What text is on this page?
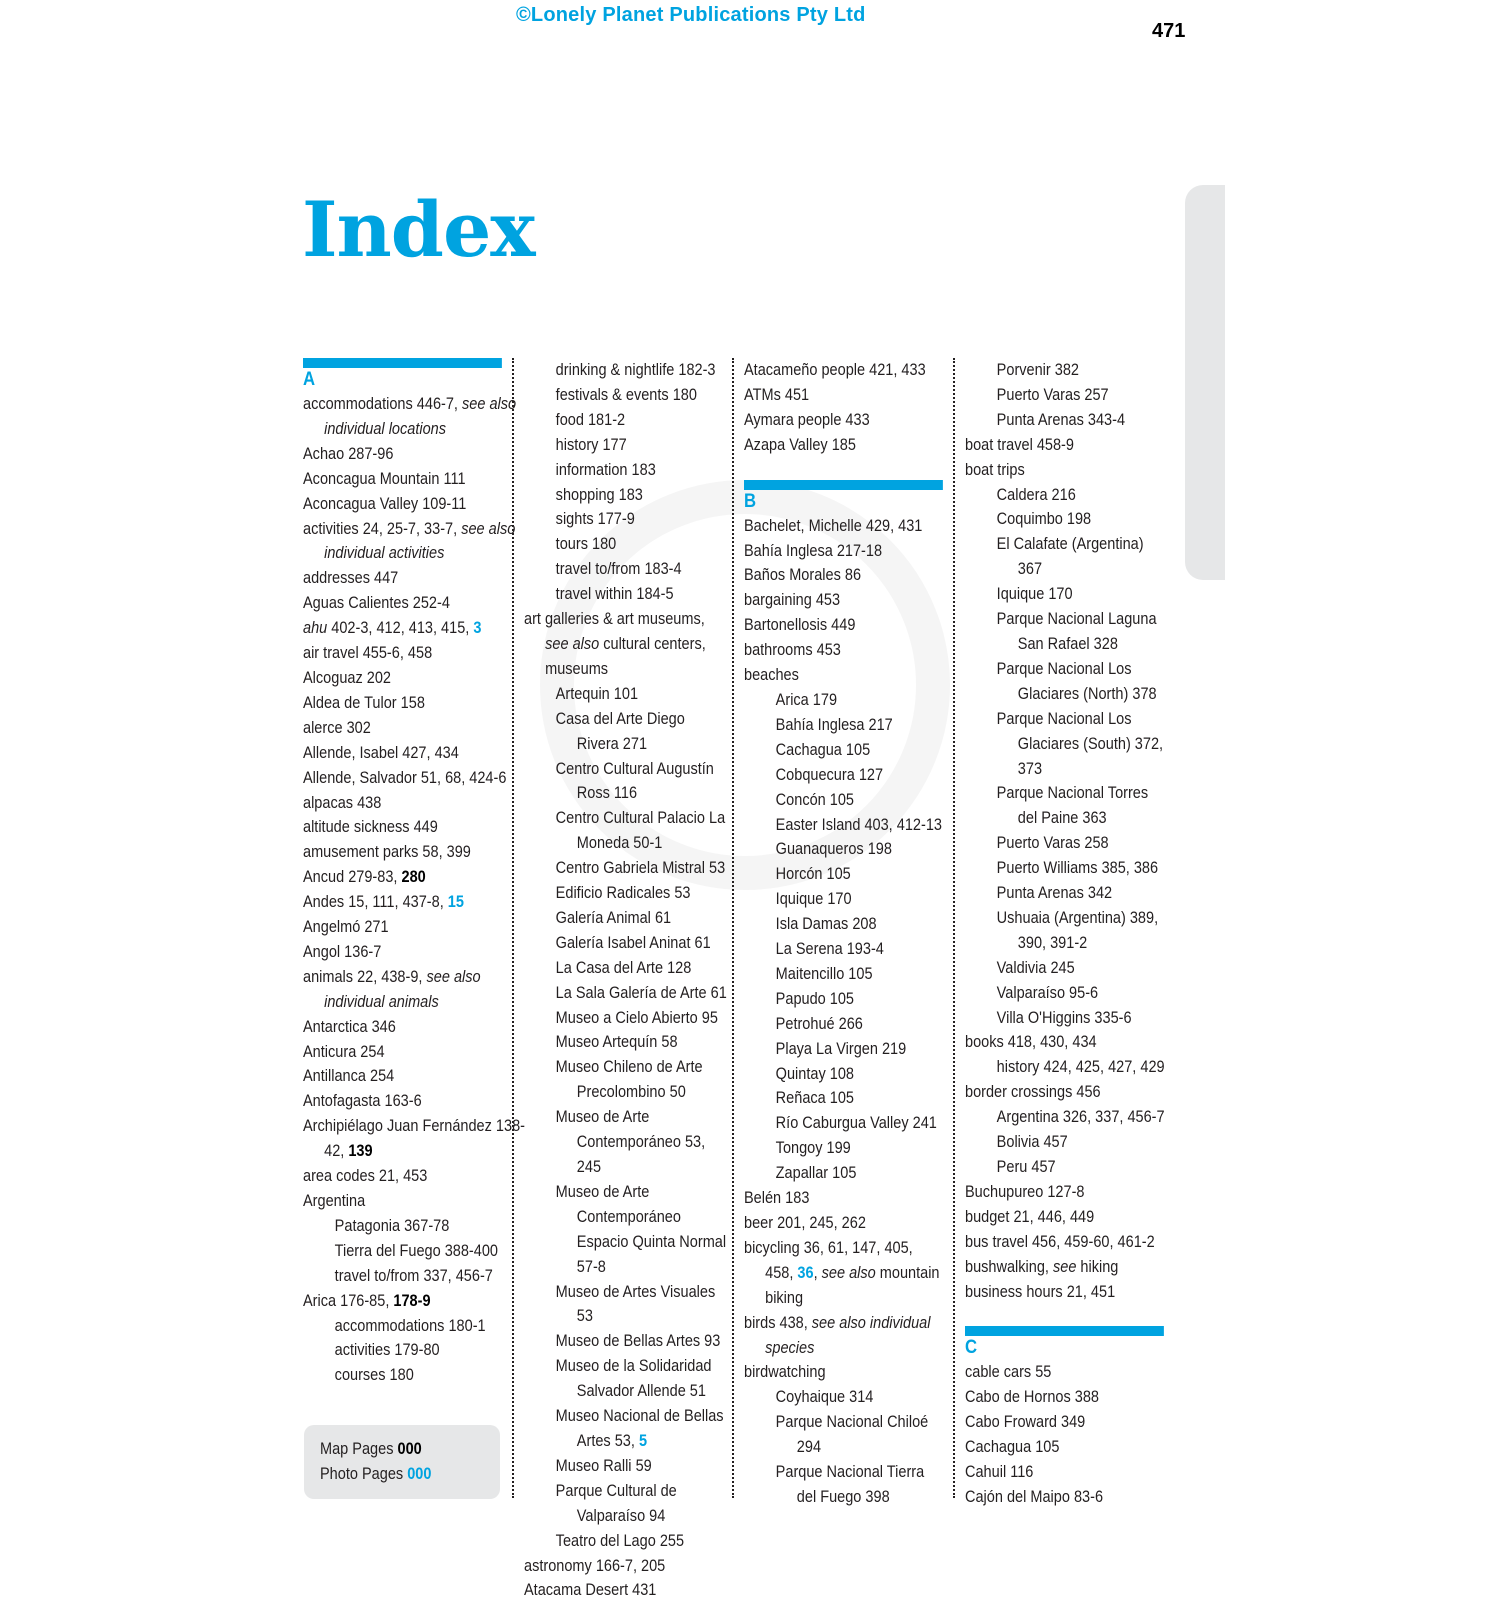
©Lonely Planet Publications Pty Ltd
471
Index
A
accommodations 446-7, see also individual locations
Achao 287-96
Aconcagua Mountain 111
Aconcagua Valley 109-11
activities 24, 25-7, 33-7, see also individual activities
addresses 447
Aguas Calientes 252-4
ahu 402-3, 412, 413, 415, 3
air travel 455-6, 458
Alcoguaz 202
Aldea de Tulor 158
alerce 302
Allende, Isabel 427, 434
Allende, Salvador 51, 68, 424-6
alpacas 438
altitude sickness 449
amusement parks 58, 399
Ancud 279-83, 280
Andes 15, 111, 437-8, 15
Angelmó 271
Angol 136-7
animals 22, 438-9, see also individual animals
Antarctica 346
Anticura 254
Antillanca 254
Antofagasta 163-6
Archipiélago Juan Fernández 138-42, 139
area codes 21, 453
Argentina
Patagonia 367-78
Tierra del Fuego 388-400
travel to/from 337, 456-7
Arica 176-85, 178-9
accommodations 180-1
activities 179-80
courses 180
drinking & nightlife 182-3
festivals & events 180
food 181-2
history 177
information 183
shopping 183
sights 177-9
tours 180
travel to/from 183-4
travel within 184-5
art galleries & art museums, see also cultural centers, museums
Artequin 101
Casa del Arte Diego Rivera 271
Centro Cultural Augustín Ross 116
Centro Cultural Palacio La Moneda 50-1
Centro Gabriela Mistral 53
Edificio Radicales 53
Galería Animal 61
Galería Isabel Aninat 61
La Casa del Arte 128
La Sala Galería de Arte 61
Museo a Cielo Abierto 95
Museo Artequín 58
Museo Chileno de Arte Precolombino 50
Museo de Arte Contemporáneo 53, 245
Museo de Arte Contemporáneo Espacio Quinta Normal 57-8
Museo de Artes Visuales 53
Museo de Bellas Artes 93
Museo de la Solidaridad Salvador Allende 51
Museo Nacional de Bellas Artes 53, 5
Museo Ralli 59
Parque Cultural de Valparaíso 94
Teatro del Lago 255
astronomy 166-7, 205
Atacama Desert 431
Atacameño people 421, 433
ATMs 451
Aymara people 433
Azapa Valley 185
B
Bachelet, Michelle 429, 431
Bahía Inglesa 217-18
Baños Morales 86
bargaining 453
Bartonellosis 449
bathrooms 453
beaches
Arica 179
Bahía Inglesa 217
Cachagua 105
Cobquecura 127
Concón 105
Easter Island 403, 412-13
Guanaqueros 198
Horcón 105
Iquique 170
Isla Damas 208
La Serena 193-4
Maitencillo 105
Papudo 105
Petrohué 266
Playa La Virgen 219
Quintay 108
Reñaca 105
Río Caburgua Valley 241
Tongoy 199
Zapallar 105
Belén 183
beer 201, 245, 262
bicycling 36, 61, 147, 405, 458, 36, see also mountain biking
birds 438, see also individual species
birdwatching
Coyhaique 314
Parque Nacional Chiloé 294
Parque Nacional Tierra del Fuego 398
Porvenir 382
Puerto Varas 257
Punta Arenas 343-4
boat travel 458-9
boat trips
Caldera 216
Coquimbo 198
El Calafate (Argentina) 367
Iquique 170
Parque Nacional Laguna San Rafael 328
Parque Nacional Los Glaciares (North) 378
Parque Nacional Los Glaciares (South) 372, 373
Parque Nacional Torres del Paine 363
Puerto Varas 258
Puerto Williams 385, 386
Punta Arenas 342
Ushuaia (Argentina) 389, 390, 391-2
Valdivia 245
Valparaíso 95-6
Villa O'Higgins 335-6
books 418, 430, 434
history 424, 425, 427, 429
border crossings 456
Argentina 326, 337, 456-7
Bolivia 457
Peru 457
Buchupureo 127-8
budget 21, 446, 449
bus travel 456, 459-60, 461-2
bushwalking, see hiking
business hours 21, 451
C
cable cars 55
Cabo de Hornos 388
Cabo Froward 349
Cachagua 105
Cahuil 116
Cajón del Maipo 83-6
Map Pages 000
Photo Pages 000
